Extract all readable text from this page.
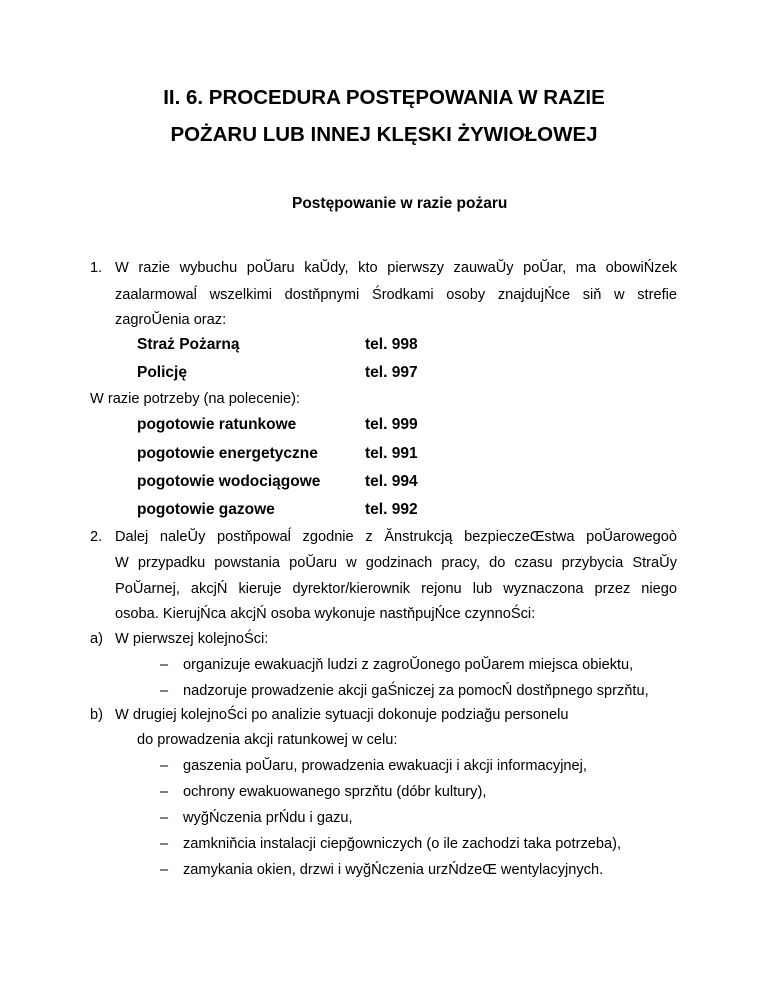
II. 6. PROCEDURA POSTĘPOWANIA W RAZIE

POŻARU LUB INNEJ KLĘSKI ŻYWIOŁOWEJ

Postępowanie w razie pożaru

1. W razie wybuchu poŬaru kaŬdy, kto pierwszy zauwaŬy poŬar, ma obowiŃzek
zaalarmowaĺ wszelkimi dostňpnymi Środkami osoby znajdujŃce siň w strefie
zagroŬenia oraz:
Straż Pożarną	tel. 998
Policję	tel. 997
W razie potrzeby (na polecenie):
pogotowie ratunkowe	tel. 999
pogotowie energetyczne	tel. 991
pogotowie wodociągowe	tel. 994
pogotowie gazowe	tel. 992
2. Dalej naleŬy postňpowaĺ zgodnie z Ănstrukcją bezpieczeŒstwa poŬarowegoò
W przypadku powstania poŬaru w godzinach pracy, do czasu przybycia StraŬy
PoŬarnej, akcjŃ kieruje dyrektor/kierownik rejonu lub wyznaczona przez niego
osoba. KierujŃca akcjŃ osoba wykonuje nastňpujŃce czynnoŚci:
a) W pierwszej kolejnoŚci:
– organizuje ewakuacjň ludzi z zagroŬonego poŬarem miejsca obiektu,
– nadzoruje prowadzenie akcji gaŚniczej za pomocŃ dostňpnego sprzňtu,
b) W drugiej kolejnoŚci po analizie sytuacji dokonuje podziağu personelu
do prowadzenia akcji ratunkowej w celu:
– gaszenia poŬaru, prowadzenia ewakuacji i akcji informacyjnej,
– ochrony ewakuowanego sprzňtu (dóbr kultury),
– wyğŃczenia prŃdu i gazu,
– zamkniňcia instalacji ciepğowniczych (o ile zachodzi taka potrzeba),
– zamykania okien, drzwi i wyğŃczenia urzŃdzeŒ wentylacyjnych.
